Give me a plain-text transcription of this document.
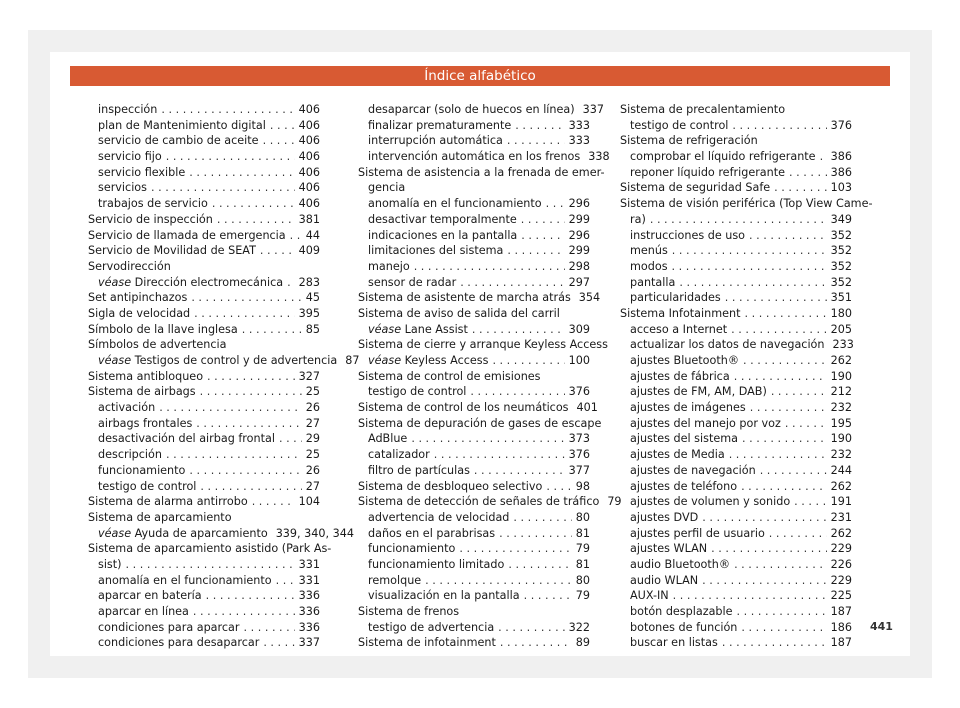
Índice alfabético
inspección . . .	406
plan de Mantenimiento digital . . .	406
servicio de cambio de aceite . . .	406
servicio fijo . . .	406
servicio flexible . . .	406
servicios . . .	406
trabajos de servicio . . .	406
Servicio de inspección . . .	381
Servicio de llamada de emergencia . . . 44
Servicio de Movilidad de SEAT . . .	409
Servodirección
véase Dirección electromecánica . . . 283
Set antipinchazos . . .	45
Sigla de velocidad . . .	395
Símbolo de la llave inglesa . . .	85
Símbolos de advertencia
véase Testigos de control y de advertencia 87
Sistema antibloqueo . . .	327
Sistema de airbags . . .	25
activación . . .	26
airbags frontales . . .	27
desactivación del airbag frontal . . .	29
descripción . . .	25
funcionamiento . . .	26
testigo de control . . .	27
Sistema de alarma antirrobo . . .	104
Sistema de aparcamiento
véase Ayuda de aparcamiento 339, 340, 344
Sistema de aparcamiento asistido (Park As-
sist) . . .	331
anomalía en el funcionamiento . . . 331
aparcar en batería . . .	336
aparcar en línea . . .	336
condiciones para aparcar . . .	336
condiciones para desaparcar . . .	337
desaparcar (solo de huecos en línea) 337
finalizar prematuramente . . .	333
interrupción automática . . .	333
intervención automática en los frenos 338
Sistema de asistencia a la frenada de emer-
gencia
anomalía en el funcionamiento . . . 296
desactivar temporalmente . . .	299
indicaciones en la pantalla . . .	296
limitaciones del sistema . . .	299
manejo . . .	298
sensor de radar . . .	297
Sistema de asistente de marcha atrás 354
Sistema de aviso de salida del carril
véase Lane Assist . . .	309
Sistema de cierre y arranque Keyless Access
véase Keyless Access . . .	100
Sistema de control de emisiones
testigo de control . . .	376
Sistema de control de los neumáticos 401
Sistema de depuración de gases de escape
AdBlue . . .	373
catalizador . . .	376
filtro de partículas . . .	377
Sistema de desbloqueo selectivo . . .	98
Sistema de detección de señales de tráfico 79
advertencia de velocidad . . .	80
daños en el parabrisas . . .	81
funcionamiento . . .	79
funcionamiento limitado . . .	81
remolque . . .	80
visualización en la pantalla . . .	79
Sistema de frenos
testigo de advertencia . . .	322
Sistema de infotainment . . .	89
Sistema de precalentamiento
testigo de control . . .	376
Sistema de refrigeración
comprobar el líquido refrigerante . . . 386
reponer líquido refrigerante . . .	386
Sistema de seguridad Safe . . .	103
Sistema de visión periférica (Top View Came-
ra) . . .	349
instrucciones de uso . . .	352
menús . . .	352
modos . . .	352
pantalla . . .	352
particularidades . . .	351
Sistema Infotainment . . .	180
acceso a Internet . . .	205
actualizar los datos de navegación 233
ajustes Bluetooth® . . .	262
ajustes de fábrica . . .	190
ajustes de FM, AM, DAB) . . .	212
ajustes de imágenes . . .	232
ajustes del manejo por voz . . .	195
ajustes del sistema . . .	190
ajustes de Media . . .	232
ajustes de navegación . . .	244
ajustes de teléfono . . .	262
ajustes de volumen y sonido . . .	191
ajustes DVD . . .	231
ajustes perfil de usuario . . .	262
ajustes WLAN . . .	229
audio Bluetooth® . . .	226
audio WLAN . . .	229
AUX-IN . . .	225
botón desplazable . . .	187
botones de función . . .	186
buscar en listas . . .	187
441
